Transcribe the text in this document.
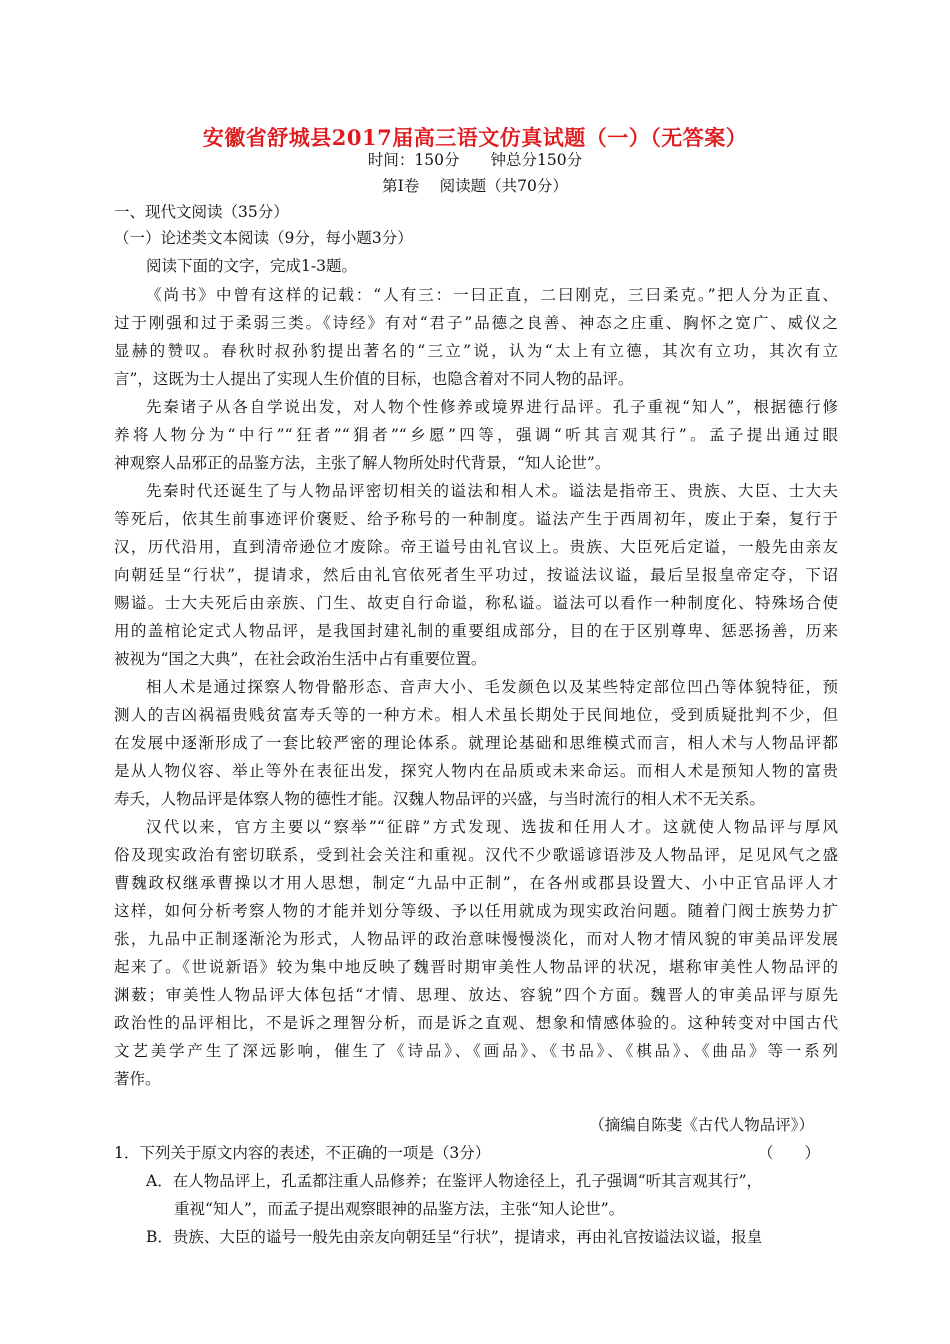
安徽省舒城县2017届高三语文仿真试题（一）（无答案）
时间：150分　　钟总分150分
第Ⅰ卷　 阅读题（共70分）
一、现代文阅读（35分）
（一）论述类文本阅读（9分，每小题3分）
阅读下面的文字，完成1-3题。
《尚书》中曾有这样的记载：“人有三：一曰正直，二曰刚克，三曰柔克。”把人分为正直、
过于刚强和过于柔弱三类。《诗经》有对“君子”品德之良善、神态之庄重、胸怀之宽广、威仪之
显赫的赞叹。春秋时叔孙豹提出著名的“三立”说，认为“太上有立德，其次有立功，其次有立
言”，这既为士人提出了实现人生价值的目标，也隐含着对不同人物的品评。
先秦诸子从各自学说出发，对人物个性修养或境界进行品评。孔子重视“知人”，根据德行修
养将人物分为“中行”“狂者”“狷者”“乡愿”四等，强调“听其言观其行”。孟子提出通过眼
神观察人品邪正的品鉴方法，主张了解人物所处时代背景，“知人论世”。
先秦时代还诞生了与人物品评密切相关的谥法和相人术。谥法是指帝王、贵族、大臣、士大夫
等死后，依其生前事迹评价褒贬、给予称号的一种制度。谥法产生于西周初年，废止于秦，复行于
汉，历代沿用，直到清帝逊位才废除。帝王谥号由礼官议上。贵族、大臣死后定谥，一般先由亲友
向朝廷呈“行状”，提请求，然后由礼官依死者生平功过，按谥法议谥，最后呈报皇帝定夺，下诏
赐谥。士大夫死后由亲族、门生、故吏自行命谥，称私谥。谥法可以看作一种制度化、特殊场合使
用的盖棺论定式人物品评，是我国封建礼制的重要组成部分，目的在于区别尊卑、惩恶扬善，历来
被视为“国之大典”，在社会政治生活中占有重要位置。
相人术是通过探察人物骨骼形态、音声大小、毛发颜色以及某些特定部位凹凸等体貌特征，预
测人的吉凶祸福贵贱贫富寿夭等的一种方术。相人术虽长期处于民间地位，受到质疑批判不少，但
在发展中逐渐形成了一套比较严密的理论体系。就理论基础和思维模式而言，相人术与人物品评都
是从人物仪容、举止等外在表征出发，探究人物内在品质或未来命运。而相人术是预知人物的富贵
寿夭，人物品评是体察人物的德性才能。汉魏人物品评的兴盛，与当时流行的相人术不无关系。
汉代以来，官方主要以“察举”“征辟”方式发现、选拔和任用人才。这就使人物品评与厚风
俗及现实政治有密切联系，受到社会关注和重视。汉代不少歌谣谚语涉及人物品评，足见风气之盛
曹魏政权继承曹操以才用人思想，制定“九品中正制”，在各州或郡县设置大、小中正官品评人才
这样，如何分析考察人物的才能并划分等级、予以任用就成为现实政治问题。随着门阀士族势力扩
张，九品中正制逐渐沦为形式，人物品评的政治意味慢慢淡化，而对人物才情风貌的审美品评发展
起来了。《世说新语》较为集中地反映了魏晋时期审美性人物品评的状况，堪称审美性人物品评的
渊薮；审美性人物品评大体包括“才情、思理、放达、容貌”四个方面。魏晋人的审美品评与原先
政治性的品评相比，不是诉之理智分析，而是诉之直观、想象和情感体验的。这种转变对中国古代
文艺美学产生了深远影响，催生了《诗品》、《画品》、《书品》、《棋品》、《曲品》等一系列
著作。
（摘编自陈斐《古代人物品评》）
1．下列关于原文内容的表述，不正确的一项是（3分）	（　　）
A．在人物品评上，孔孟都注重人品修养；在鉴评人物途径上，孔子强调“听其言观其行”，
重视“知人”，而孟子提出观察眼神的品鉴方法，主张“知人论世”。
B．贵族、大臣的谥号一般先由亲友向朝廷呈“行状”，提请求，再由礼官按谥法议谥，报皇
